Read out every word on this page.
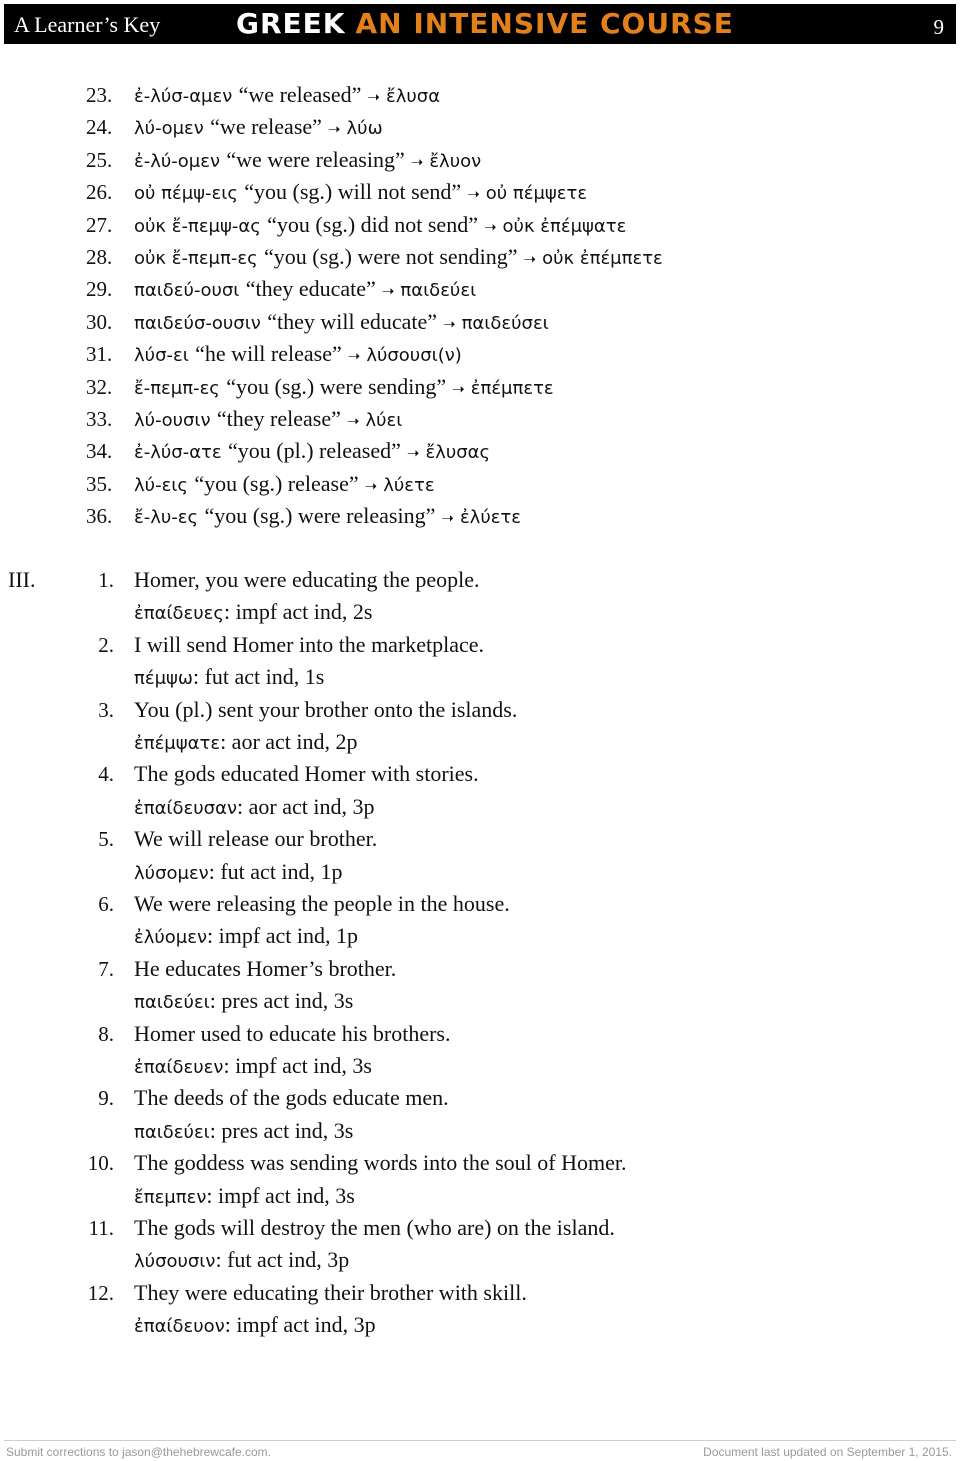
A Learner’s Key	GREEK AN INTENSIVE COURSE	9
23.	ἐ-λύσ-αμεν “we released” ➝ ἔλυσα
24.	λύ-ομεν “we release” ➝ λύω
25.	ἐ-λύ-ομεν “we were releasing” ➝ ἔλυον
26.	οὐ πέμψ-εις “you (sg.) will not send” ➝ οὐ πέμψετε
27.	οὐκ ἔ-πεμψ-ας “you (sg.) did not send” ➝ οὐκ ἐπέμψατε
28.	οὐκ ἔ-πεμπ-ες “you (sg.) were not sending” ➝ οὐκ ἐπέμπετε
29.	παιδεύ-ουσι “they educate” ➝ παιδεύει
30.	παιδεύσ-ουσιν “they will educate” ➝ παιδεύσει
31.	λύσ-ει “he will release” ➝ λύσουσι(ν)
32.	ἔ-πεμπ-ες “you (sg.) were sending” ➝ ἐπέμπετε
33.	λύ-ουσιν “they release” ➝ λύει
34.	ἐ-λύσ-ατε “you (pl.) released” ➝ ἔλυσας
35.	λύ-εις “you (sg.) release” ➝ λύετε
36.	ἔ-λυ-ες “you (sg.) were releasing” ➝ ἐλύετε
III.	1. Homer, you were educating the people.
ἐπαίδευες: impf act ind, 2s
2. I will send Homer into the marketplace.
πέμψω: fut act ind, 1s
3. You (pl.) sent your brother onto the islands.
ἐπέμψατε: aor act ind, 2p
4. The gods educated Homer with stories.
ἐπαίδευσαν: aor act ind, 3p
5. We will release our brother.
λύσομεν: fut act ind, 1p
6. We were releasing the people in the house.
ἐλύομεν: impf act ind, 1p
7. He educates Homer’s brother.
παιδεύει: pres act ind, 3s
8. Homer used to educate his brothers.
ἐπαίδευεν: impf act ind, 3s
9. The deeds of the gods educate men.
παιδεύει: pres act ind, 3s
10. The goddess was sending words into the soul of Homer.
ἔπεμπεν: impf act ind, 3s
11. The gods will destroy the men (who are) on the island.
λύσουσιν: fut act ind, 3p
12. They were educating their brother with skill.
ἐπαίδευον: impf act ind, 3p
Submit corrections to jason@thehebrewcafe.com.	Document last updated on September 1, 2015.
